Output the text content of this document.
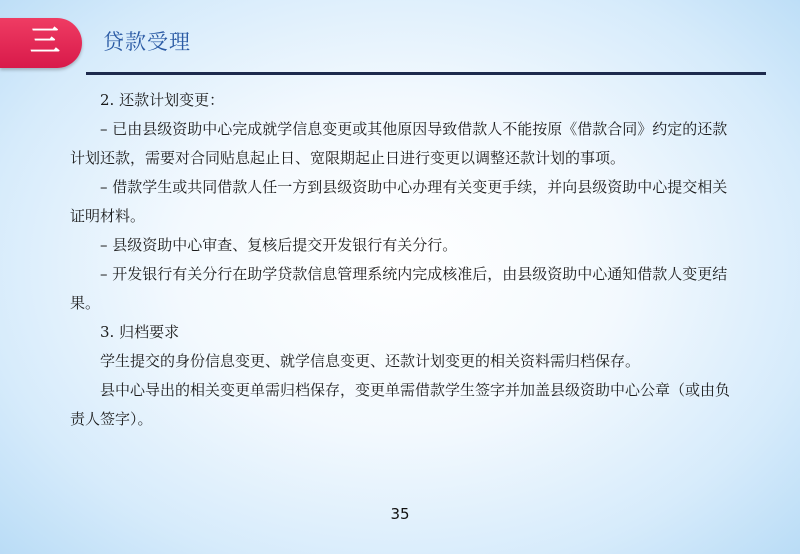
三 贷款受理

2. 还款计划变更：

– 已由县级资助中心完成就学信息变更或其他原因导致借款人不能按原《借款合同》约定的还款计划还款，需要对合同贴息起止日、宽限期起止日进行变更以调整还款计划的事项。

– 借款学生或共同借款人任一方到县级资助中心办理有关变更手续，并向县级资助中心提交相关证明材料。

– 县级资助中心审查、复核后提交开发银行有关分行。

– 开发银行有关分行在助学贷款信息管理系统内完成核准后，由县级资助中心通知借款人变更结果。

3. 归档要求

学生提交的身份信息变更、就学信息变更、还款计划变更的相关资料需归档保存。

县中心导出的相关变更单需归档保存，变更单需借款学生签字并加盖县级资助中心公章（或由负责人签字）。

35
